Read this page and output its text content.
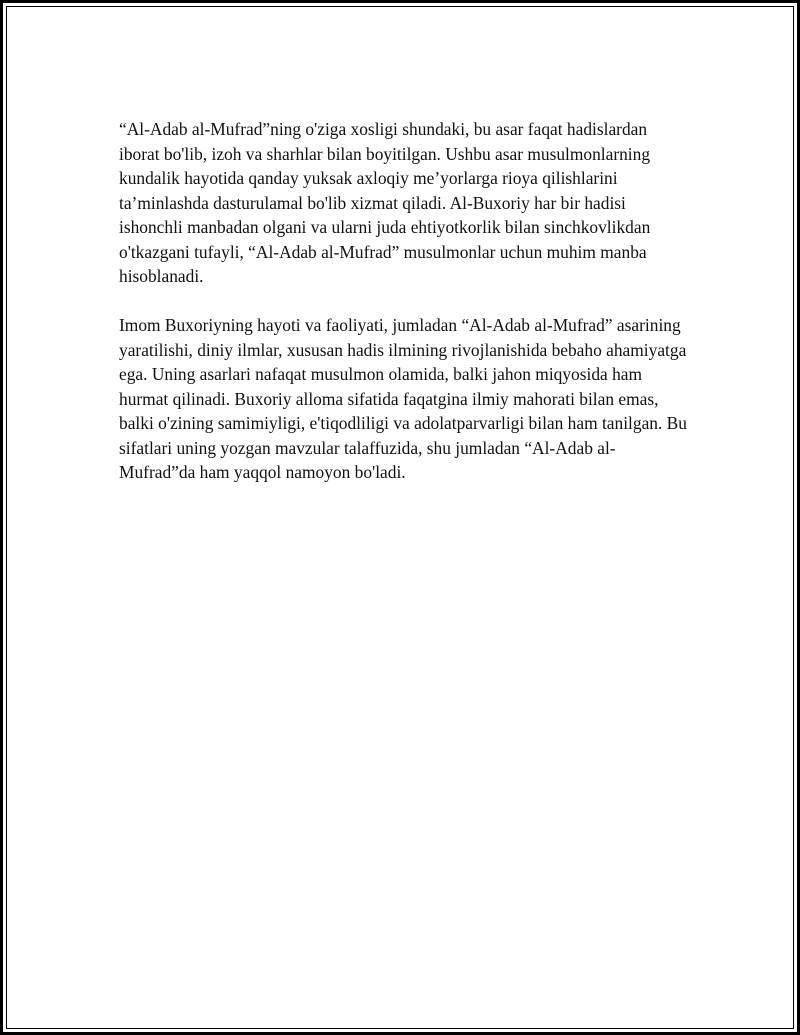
“Al-Adab al-Mufrad”ning o'ziga xosligi shundaki, bu asar faqat hadislardan iborat bo'lib, izoh va sharhlar bilan boyitilgan. Ushbu asar musulmonlarning kundalik hayotida qanday yuksak axloqiy me’yorlarga rioya qilishlarini ta’minlashda dasturulamal bo'lib xizmat qiladi. Al-Buxoriy har bir hadisi ishonchli manbadan olgani va ularni juda ehtiyotkorlik bilan sinchkovlikdan o'tkazgani tufayli, “Al-Adab al-Mufrad” musulmonlar uchun muhim manba hisoblanadi.

Imom Buxoriyning hayoti va faoliyati, jumladan “Al-Adab al-Mufrad” asarining yaratilishi, diniy ilmlar, xususan hadis ilmining rivojlanishida bebaho ahamiyatga ega. Uning asarlari nafaqat musulmon olamida, balki jahon miqyosida ham hurmat qilinadi. Buxoriy alloma sifatida faqatgina ilmiy mahorati bilan emas, balki o'zining samimiyligi, e'tiqodliligi va adolatparvarligi bilan ham tanilgan. Bu sifatlari uning yozgan mavzular talaffuzida, shu jumladan “Al-Adab al-Mufrad”da ham yaqqol namoyon bo'ladi.
